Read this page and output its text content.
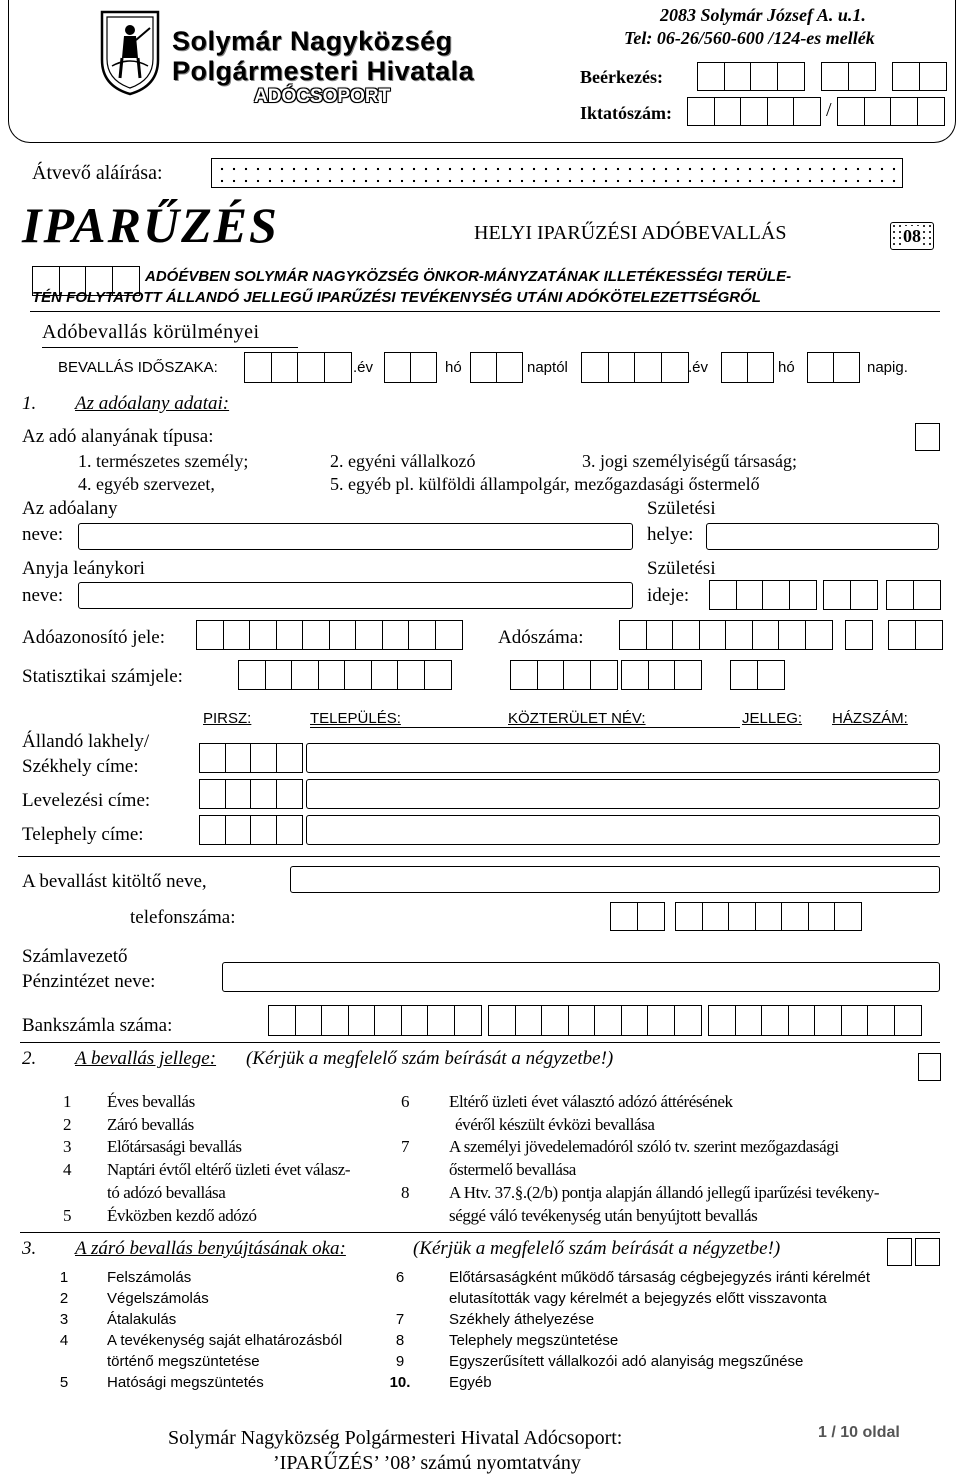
Solymár Nagyközség
Polgármesteri Hivatala
ADÓCSOPORT
2083 Solymár József A. u.1.
Tel: 06-26/560-600 /124-es mellék
Beérkezés:
Iktatószám:	/
Átvevő aláírása:
IPARŰZÉS	HELYI IPARŰZÉSI ADÓBEVALLÁS	08
ADÓÉVBEN SOLYMÁR NAGYKÖZSÉG ÖNKOR-MÁNYZATÁNAK ILLETÉKESSÉGI TERÜLE-
TÉN FOLYTATOTT ÁLLANDÓ JELLEGŰ IPARŰZÉSI TEVÉKENYSÉG UTÁNI ADÓKÖTELEZETTSÉGRŐL
Adóbevallás körülményei
BEVALLÁS IDŐSZAKA:	.év	hó	naptól	.év	hó	napig.
1. Az adóalany adatai:
Az adó alanyának típusa:
1. természetes személy;	2. egyéni vállalkozó	3. jogi személyiségű társaság;
4. egyéb szervezet,	5. egyéb pl. külföldi állampolgár, mezőgazdasági őstermelő
Az adóalany
neve:
Születési
helye:
Anyja leánykori
neve:
Születési
ideje:
Adóazonosító jele:	Adószáma:
Statisztikai számjele:
PIRSZ:	TELEPÜLÉS:	KÖZTERÜLET NÉV:	JELLEG: HÁZSZÁM:
Állandó lakhely/
Székhely címe:
Levelezési címe:
Telephely címe:
A bevallást kitöltő neve,
telefonszáma:
Számlavezető
Pénzintézet neve:
Bankszámla száma:
2. A bevallás jellege: (Kérjük a megfelelő szám beírását a négyzetbe!)
1	Éves bevallás
2	Záró bevallás
3	Előtársasági bevallás
4	Naptári évtől eltérő üzleti évet válasz-
tó adózó bevallása
5	Évközben kezdő adózó
6	Eltérő üzleti évet választó adózó áttérésének
évéről készült évközi bevallása
7	A személyi jövedelemadóról szóló tv. szerint mezőgazdasági
őstermelő bevallása
8	A Htv. 37.§.(2/b) pontja alapján állandó jellegű iparűzési tevékeny-
séggé váló tevékenység után benyújtott bevallás
3. A záró bevallás benyújtásának oka:	(Kérjük a megfelelő szám beírását a négyzetbe!)
1	Felszámolás
2	Végelszámolás
3	Átalakulás
4	A tevékenység saját elhatározásból
történő megszüntetése
5	Hatósági megszüntetés
6	Előtársaságként működő társaság cégbejegyzés iránti kérelmét
elutasították vagy kérelmét a bejegyzés előtt visszavonta
7	Székhely áthelyezése
8	Telephely megszüntetése
9	Egyszerűsített vállalkozói adó alanyiság megszűnése
10.	Egyéb
Solymár Nagyközség Polgármesteri Hivatal Adócsoport:
’IPARŰZÉS’ ’08’ számú nyomtatvány
1 / 10 oldal
